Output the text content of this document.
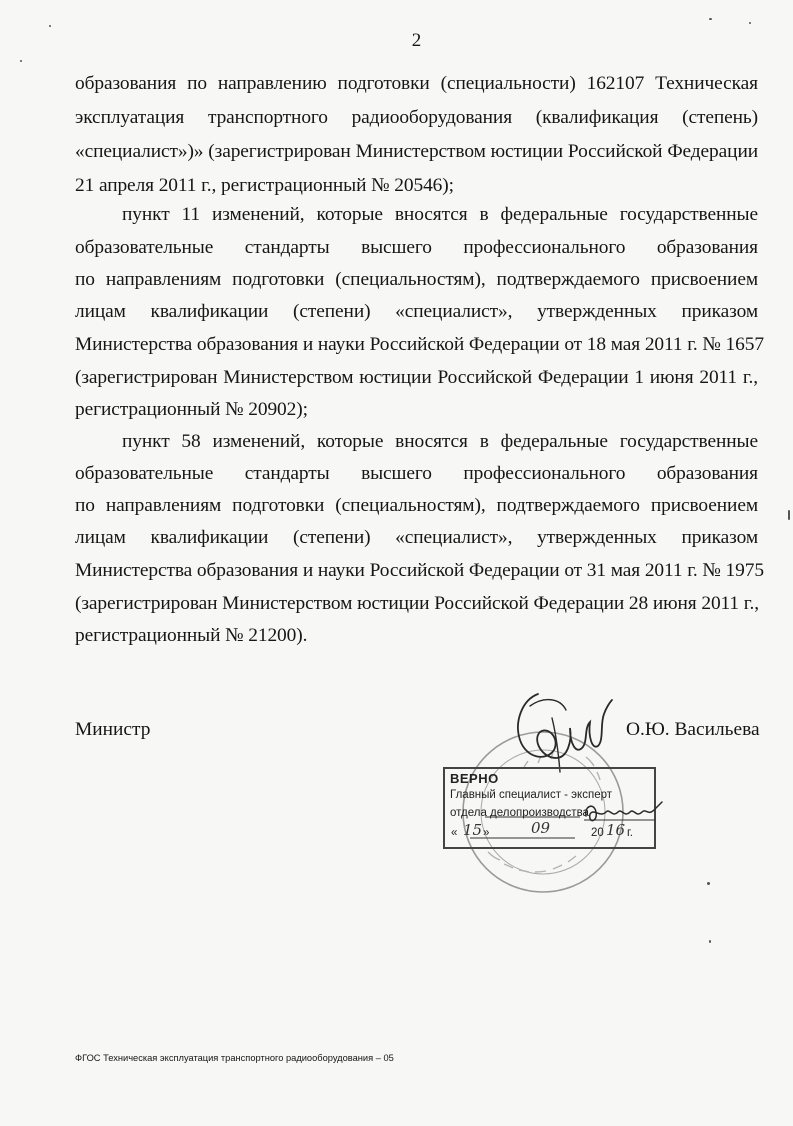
2
образования по направлению подготовки (специальности) 162107 Техническая
эксплуатация транспортного радиооборудования (квалификация (степень)
«специалист»)» (зарегистрирован Министерством юстиции Российской Федерации
21 апреля 2011 г., регистрационный № 20546);
пункт 11 изменений, которые вносятся в федеральные государственные
образовательные стандарты высшего профессионального образования
по направлениям подготовки (специальностям), подтверждаемого присвоением
лицам квалификации (степени) «специалист», утвержденных приказом
Министерства образования и науки Российской Федерации от 18 мая 2011 г. № 1657
(зарегистрирован Министерством юстиции Российской Федерации 1 июня 2011 г.,
регистрационный № 20902);
пункт 58 изменений, которые вносятся в федеральные государственные
образовательные стандарты высшего профессионального образования
по направлениям подготовки (специальностям), подтверждаемого присвоением
лицам квалификации (степени) «специалист», утвержденных приказом
Министерства образования и науки Российской Федерации от 31 мая 2011 г. № 1975
(зарегистрирован Министерством юстиции Российской Федерации 28 июня 2011 г.,
регистрационный № 21200).
Министр	О.Ю. Васильева
ВЕРНО
Главный специалист - эксперт
отдела делопроизводства
« 15 »	09	20 16 г.
ФГОС Техническая эксплуатация транспортного радиооборудования – 05
